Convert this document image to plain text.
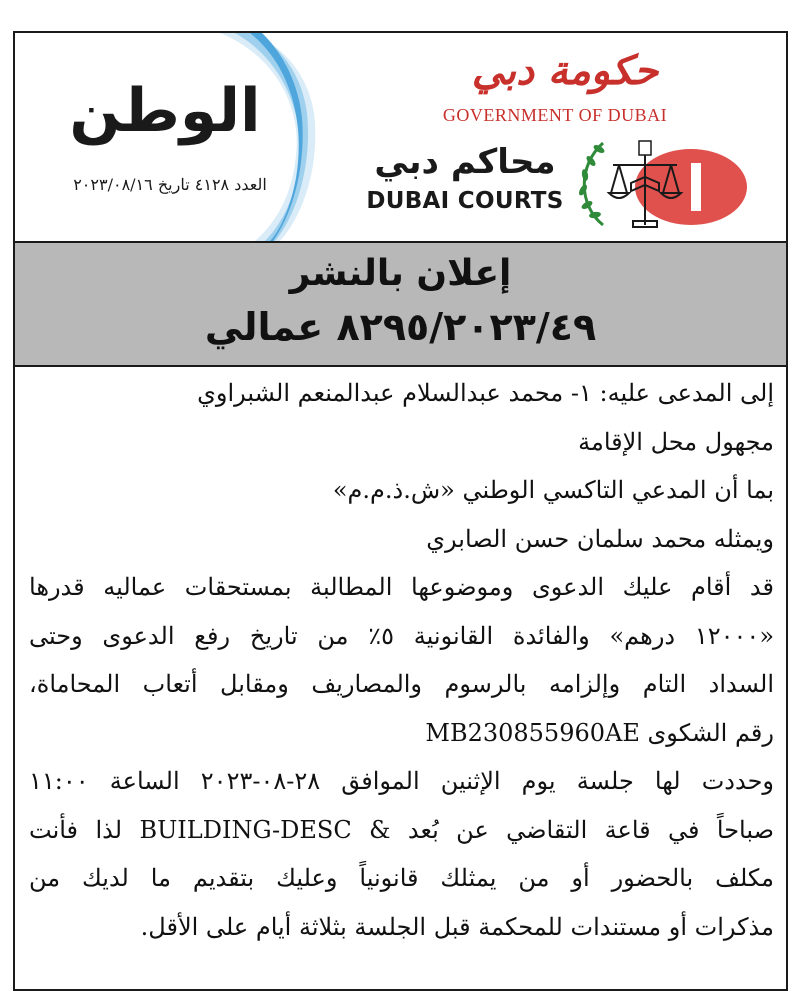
الوطن
العدد ٤١٢٨ تاريخ ٢٠٢٣/٠٨/١٦
حكومة دبي
GOVERNMENT OF DUBAI
محاكم دبي
DUBAI COURTS
إعلان بالنشر
٨٢٩٥/٢٠٢٣/٤٩ عمالي
إلى المدعى عليه: ١- محمد عبدالسلام عبدالمنعم الشبراوي
مجهول محل الإقامة
بما أن المدعي التاكسي الوطني «ش.ذ.م.م»
ويمثله محمد سلمان حسن الصابري
قد أقام عليك الدعوى وموضوعها المطالبة بمستحقات عماليه قدرها
«١٢٠٠٠ درهم» والفائدة القانونية ٥٪ من تاريخ رفع الدعوى وحتى
السداد التام وإلزامه بالرسوم والمصاريف ومقابل أتعاب المحاماة،
رقم الشكوى MB230855960AE
وحددت لها جلسة يوم الإثنين الموافق ٢٨-٠٨-٢٠٢٣ الساعة ١١:٠٠
صباحاً في قاعة التقاضي عن بُعد & BUILDING-DESC لذا فأنت
مكلف بالحضور أو من يمثلك قانونياً وعليك بتقديم ما لديك من
مذكرات أو مستندات للمحكمة قبل الجلسة بثلاثة أيام على الأقل.
